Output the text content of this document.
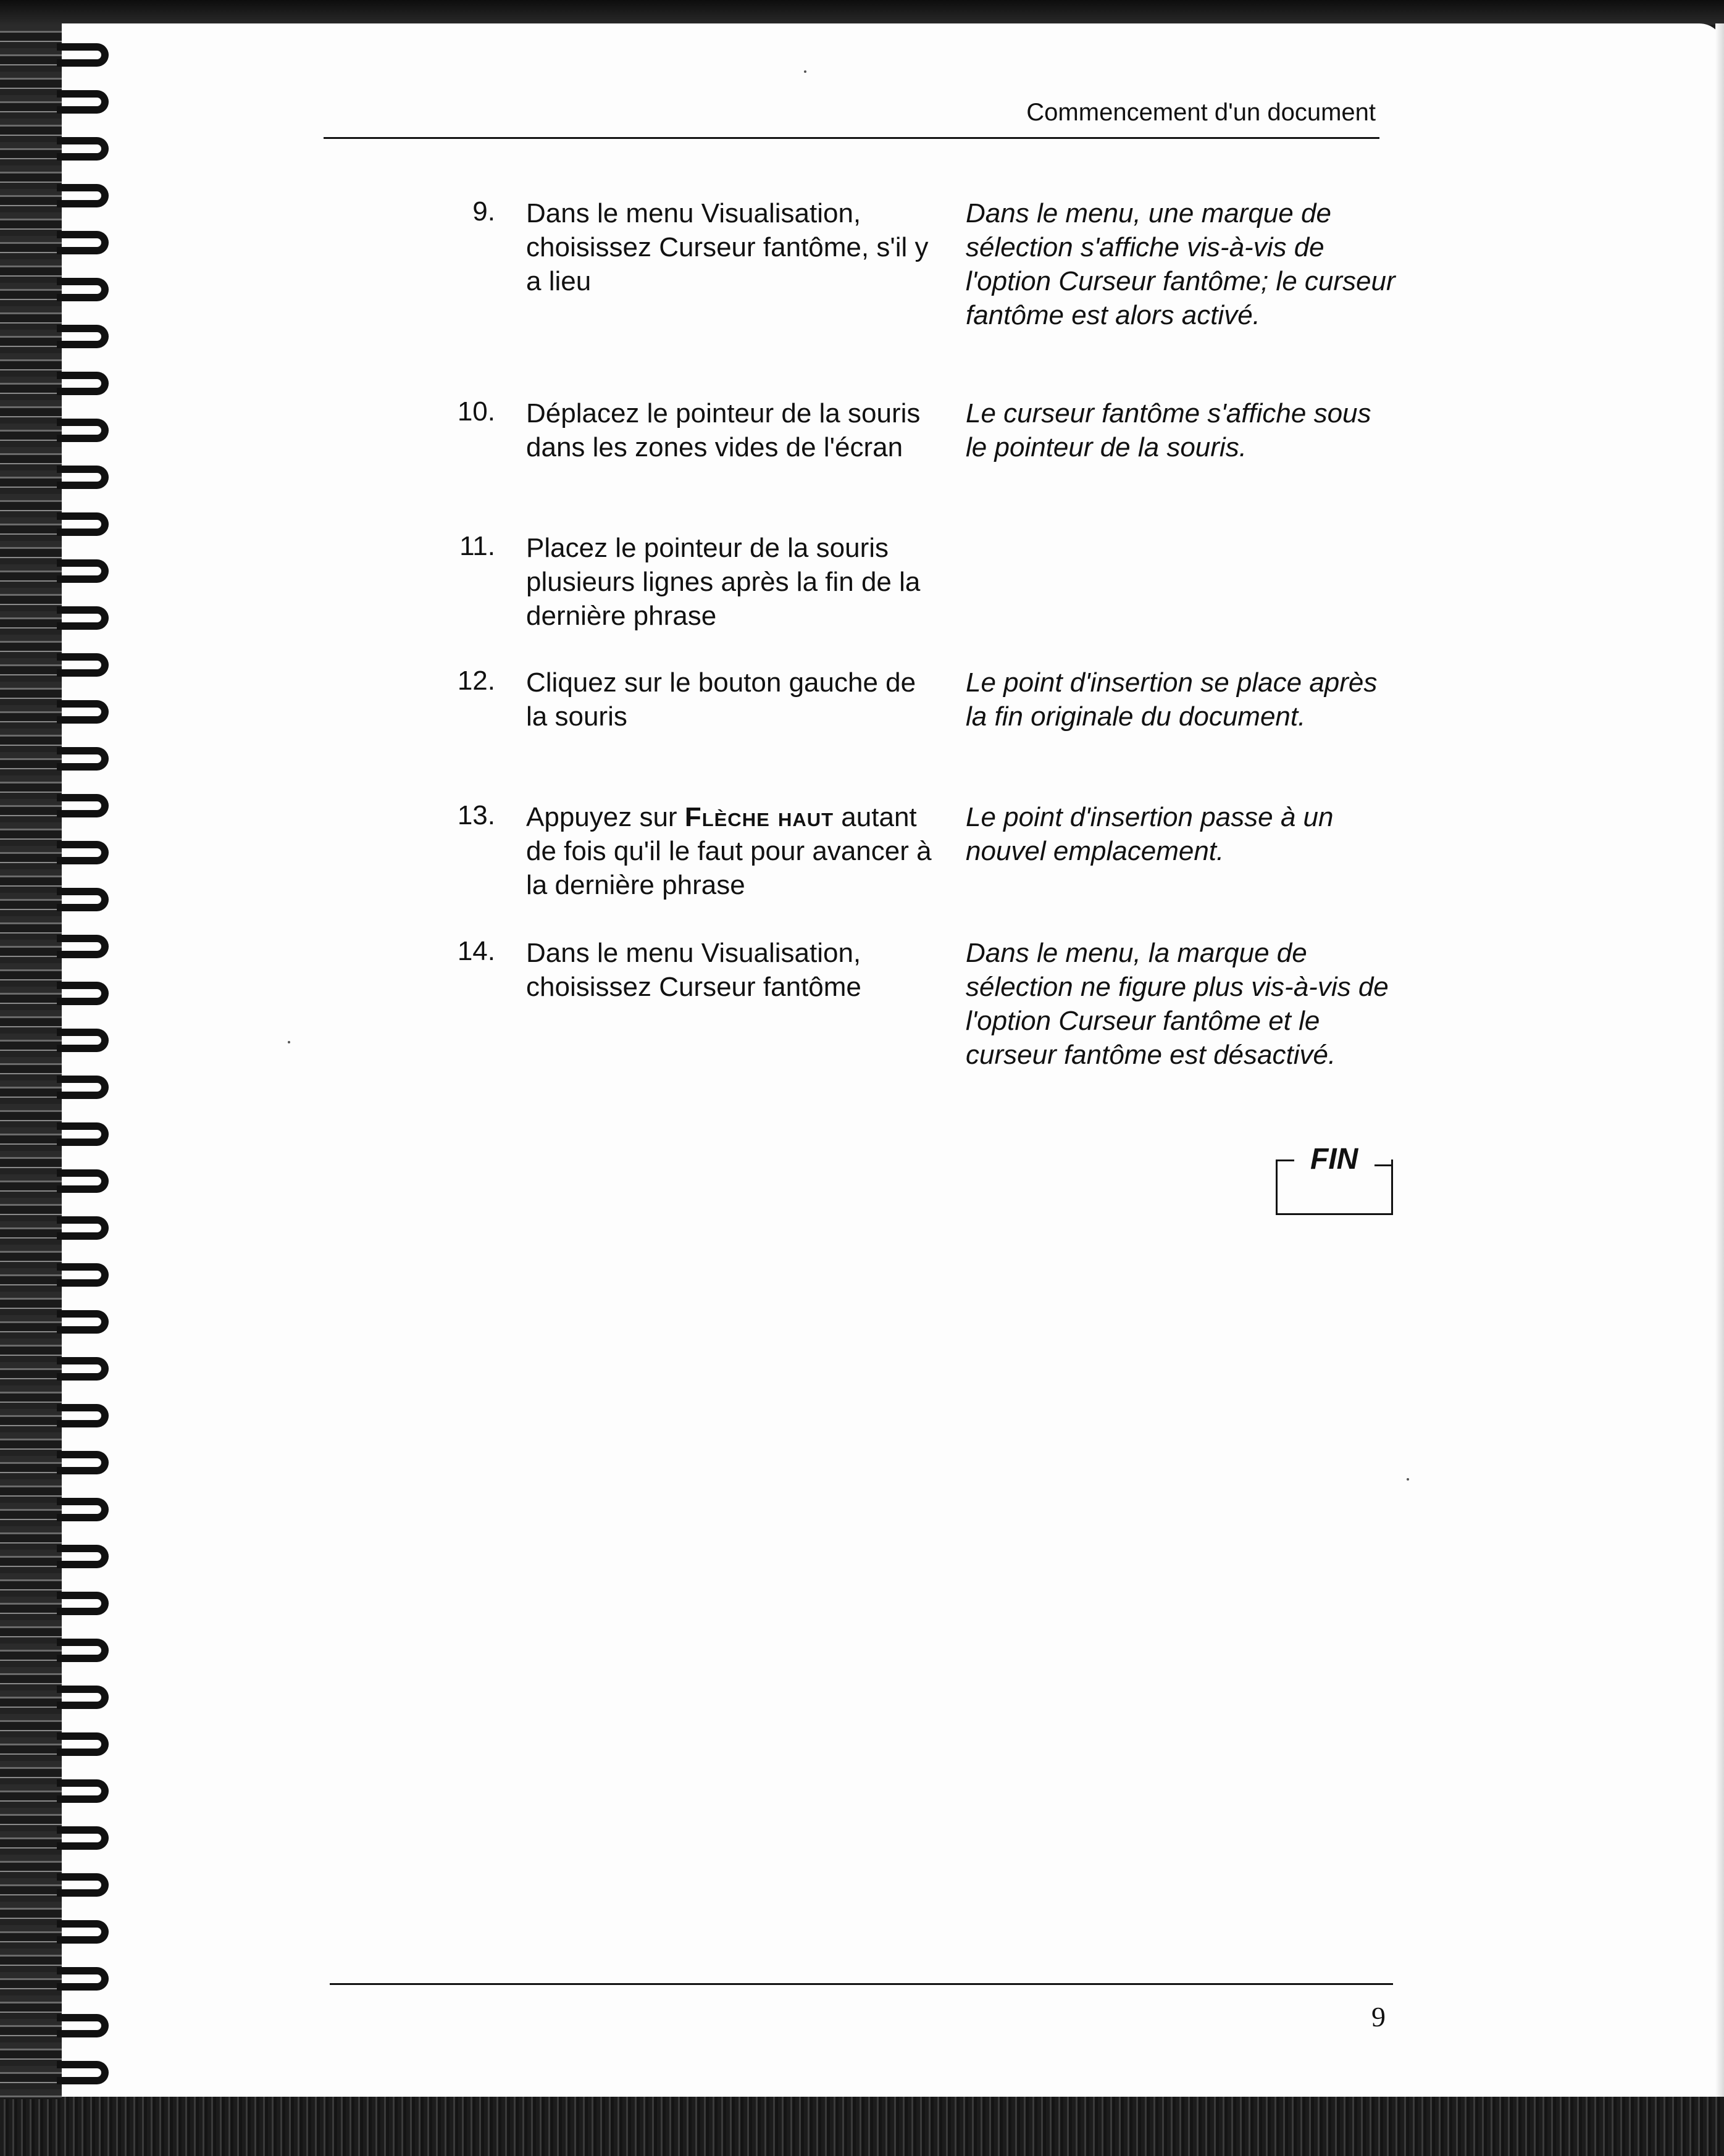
Commencement d'un document
9. Dans le menu Visualisation, choisissez Curseur fantôme, s'il y a lieu
Dans le menu, une marque de sélection s'affiche vis-à-vis de l'option Curseur fantôme; le curseur fantôme est alors activé.
10. Déplacez le pointeur de la souris dans les zones vides de l'écran
Le curseur fantôme s'affiche sous le pointeur de la souris.
11. Placez le pointeur de la souris plusieurs lignes après la fin de la dernière phrase
12. Cliquez sur le bouton gauche de la souris
Le point d'insertion se place après la fin originale du document.
13. Appuyez sur Flèche haut autant de fois qu'il le faut pour avancer à la dernière phrase
Le point d'insertion passe à un nouvel emplacement.
14. Dans le menu Visualisation, choisissez Curseur fantôme
Dans le menu, la marque de sélection ne figure plus vis-à-vis de l'option Curseur fantôme et le curseur fantôme est désactivé.
FIN
9
